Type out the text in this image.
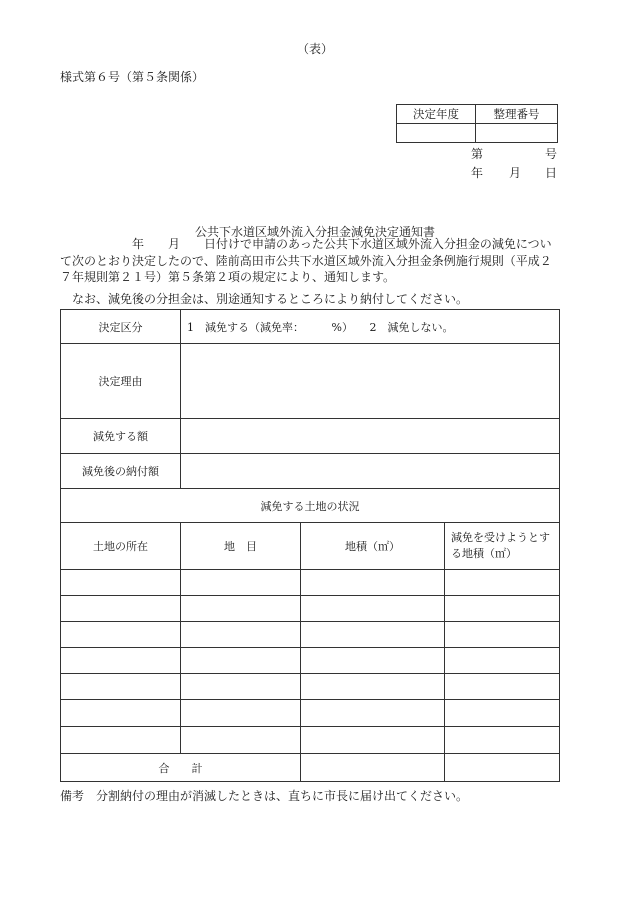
（表）
様式第６号（第５条関係）
決定年度	整理番号

第	号
年 月 日
公共下水道区域外流入分担金減免決定通知書
　　　　　　年　　月　　日付けで申請のあった公共下水道区域外流入分担金の減免について次のとおり決定したので、陸前高田市公共下水道区域外流入分担金条例施行規則（平成２７年規則第２１号）第５条第２項の規定により、通知します。
なお、減免後の分担金は、別途通知するところにより納付してください。
決定区分	1　減免する（減免率：　　　%）　　2　減免しない。		
決定理由			
減免する額			
減免後の納付額			
減免する土地の状況			
土地の所在	地　目	地積（㎡）	減免を受けようとする地積（㎡）

合　　計			
備考　分割納付の理由が消滅したときは、直ちに市長に届け出てください。
